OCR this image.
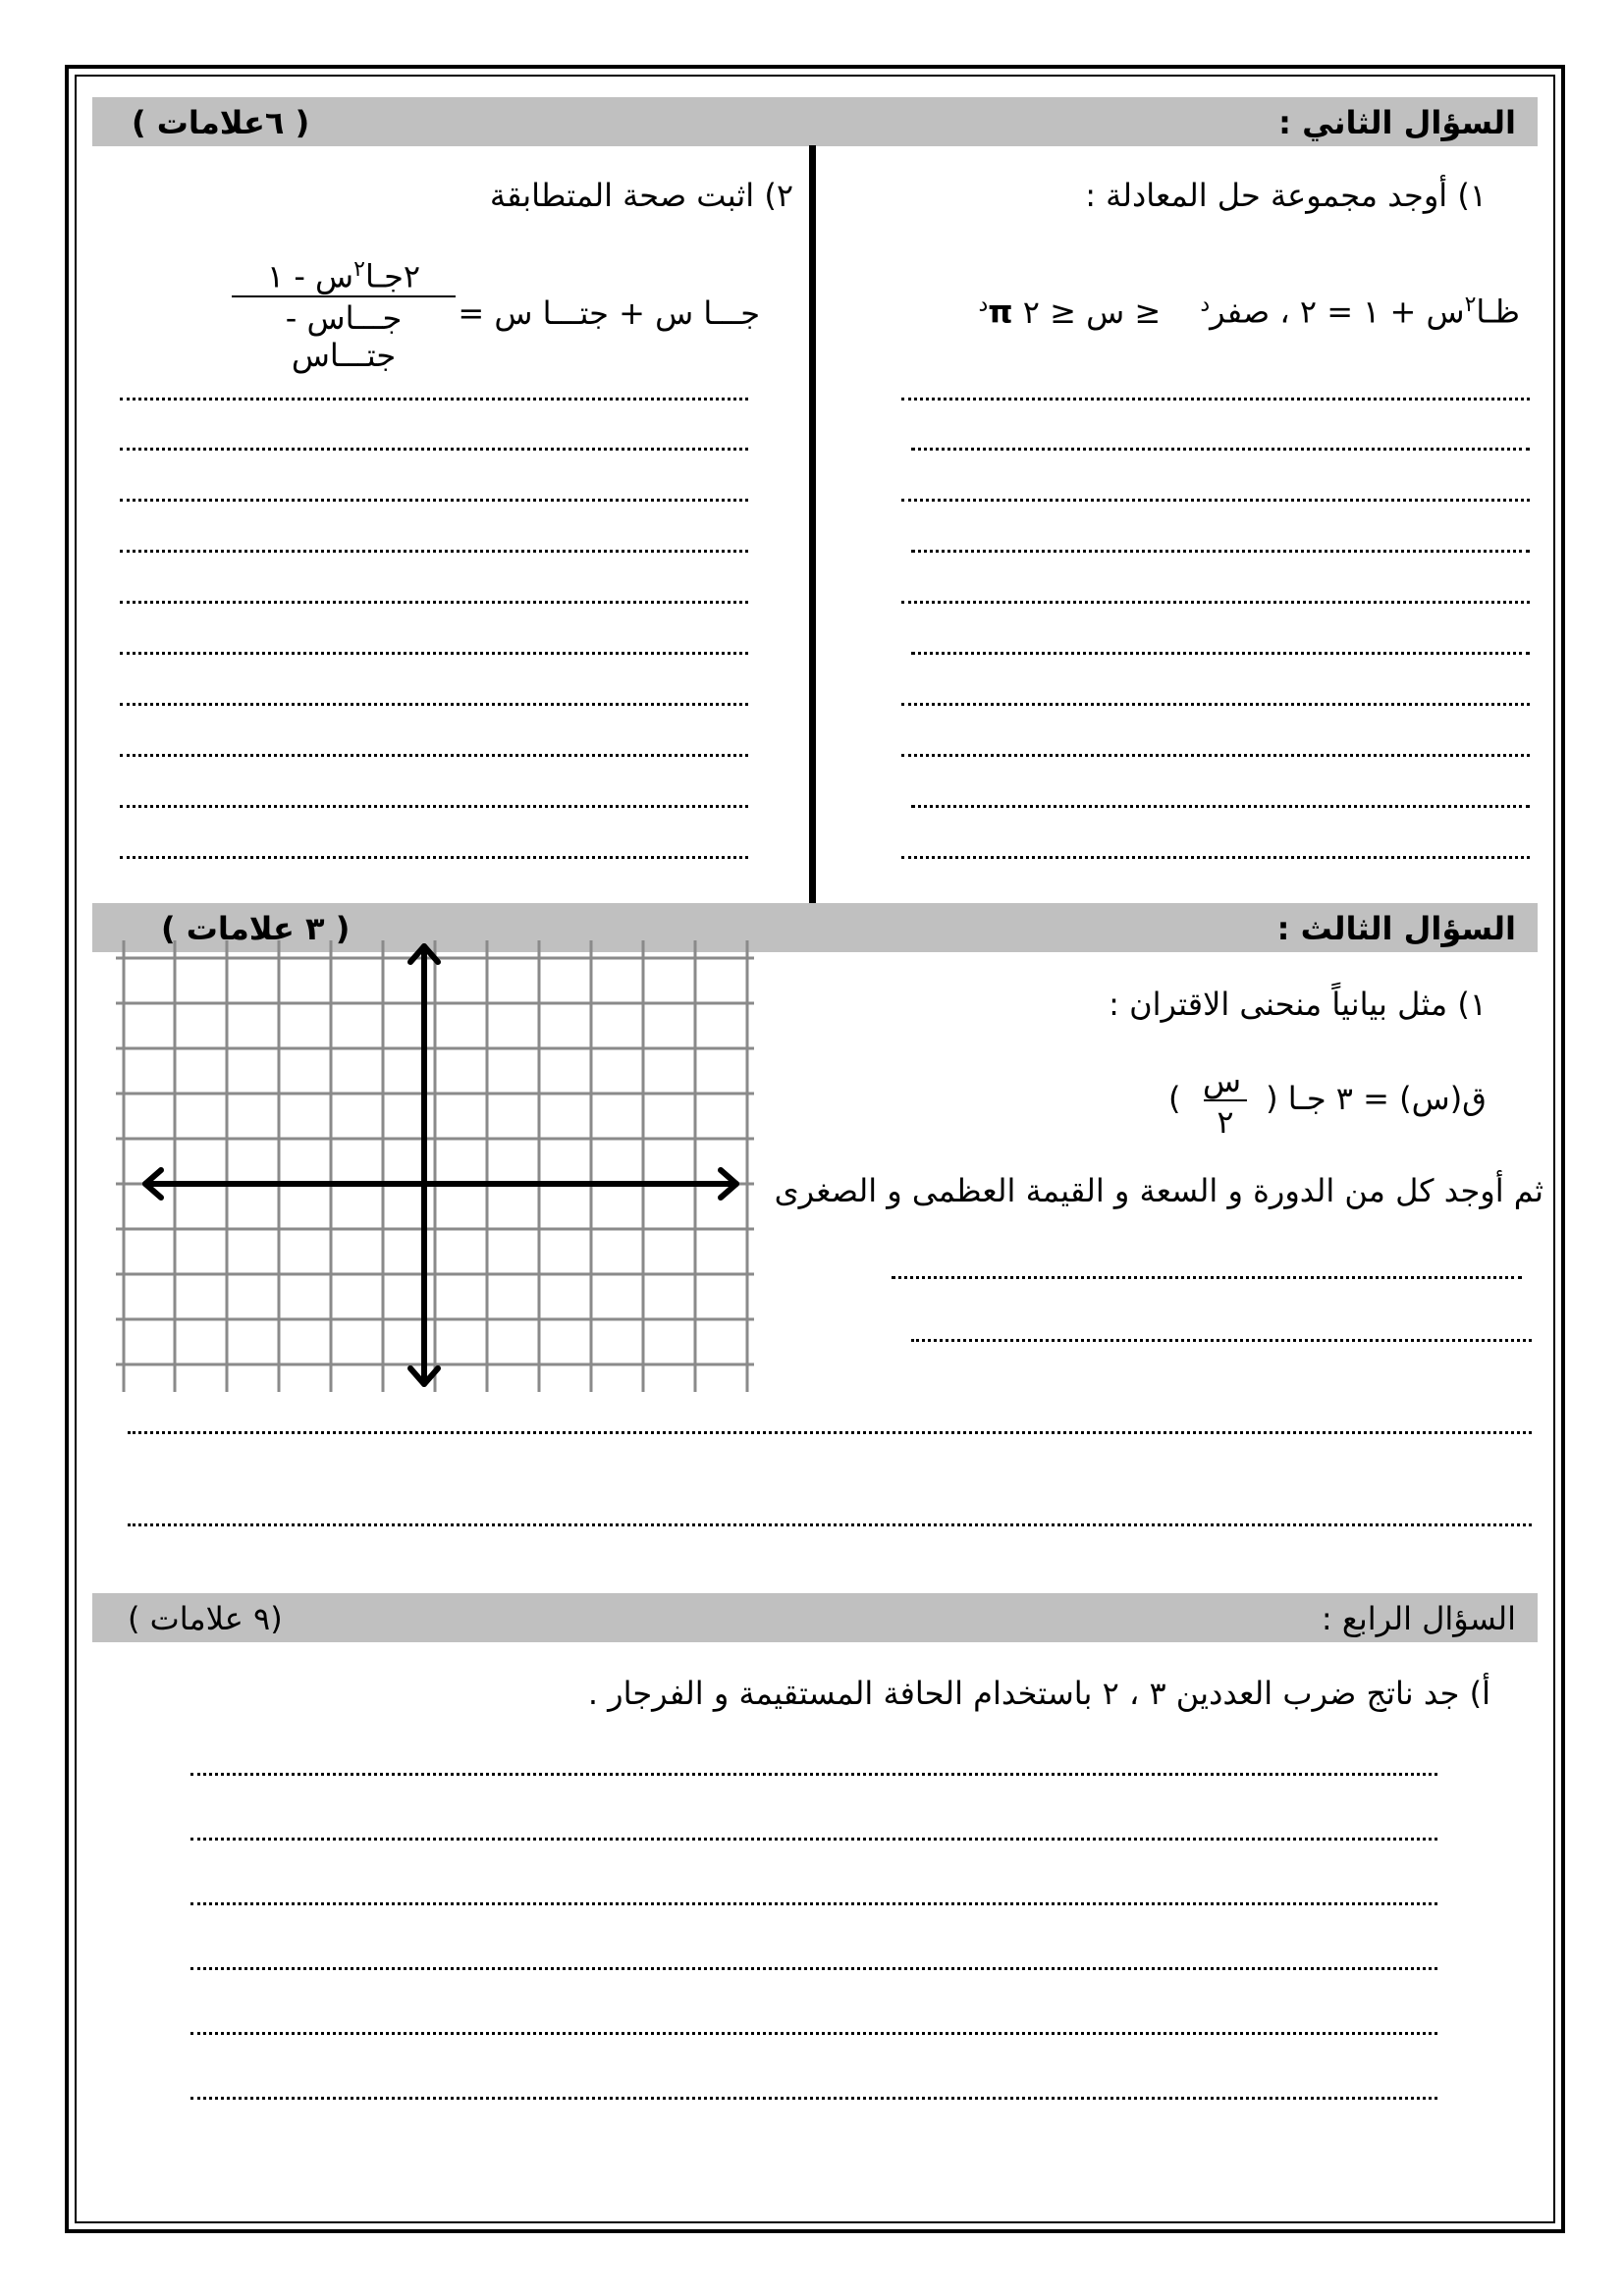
السؤال الثاني :
( ٦علامات )
١) أوجد مجموعة حل المعادلة :
ظـا$^٢$س + ١ = ٢ ، صفر$^د$ ≤ س ≤ ٢ $\pi^د$
٢) اثبت صحة المتطابقة
جـــا س + جتـــا س =
٢جـا$^٢$س - ١
جـــاس - جتـــاس
السؤال الثالث :
( ٣ علامات )
١) مثل بيانياً منحنى الاقتران :
ق(س) = ٣ جـا (
س
٢
)
ثم أوجد كل من الدورة و السعة و القيمة العظمى و الصغرى
السؤال الرابع :
(٩ علامات )
أ) جد ناتج ضرب العددين ٣ ، ٢ باستخدام الحافة المستقيمة و الفرجار .
